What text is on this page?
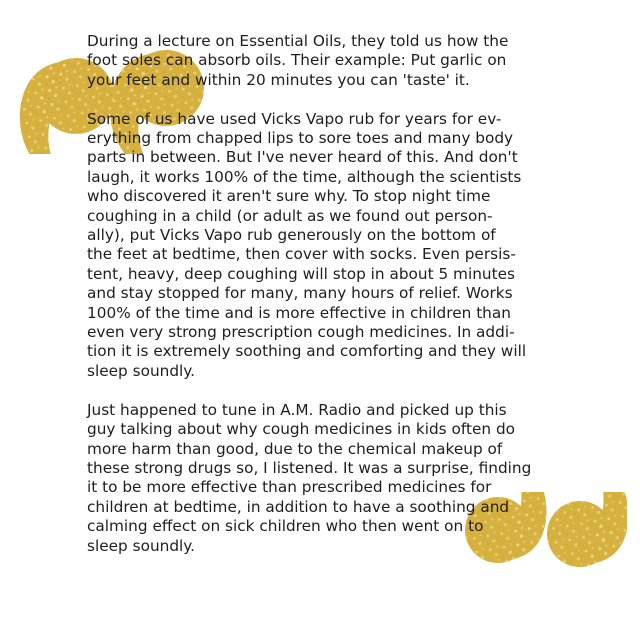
During a lecture on Essential Oils, they told us how the
foot soles can absorb oils. Their example: Put garlic on
your feet and within 20 minutes you can 'taste' it.

Some of us have used Vicks Vapo rub for years for ev-
erything from chapped lips to sore toes and many body
parts in between. But I've never heard of this. And don't
laugh, it works 100% of the time, although the scientists
who discovered it aren't sure why. To stop night time
coughing in a child (or adult as we found out person-
ally), put Vicks Vapo rub generously on the bottom of
the feet at bedtime, then cover with socks. Even persis-
tent, heavy, deep coughing will stop in about 5 minutes
and stay stopped for many, many hours of relief. Works
100% of the time and is more effective in children than
even very strong prescription cough medicines. In addi-
tion it is extremely soothing and comforting and they will
sleep soundly.

Just happened to tune in A.M. Radio and picked up this
guy talking about why cough medicines in kids often do
more harm than good, due to the chemical makeup of
these strong drugs so, I listened. It was a surprise, finding
it to be more effective than prescribed medicines for
children at bedtime, in addition to have a soothing and
calming effect on sick children who then went on to
sleep soundly.
